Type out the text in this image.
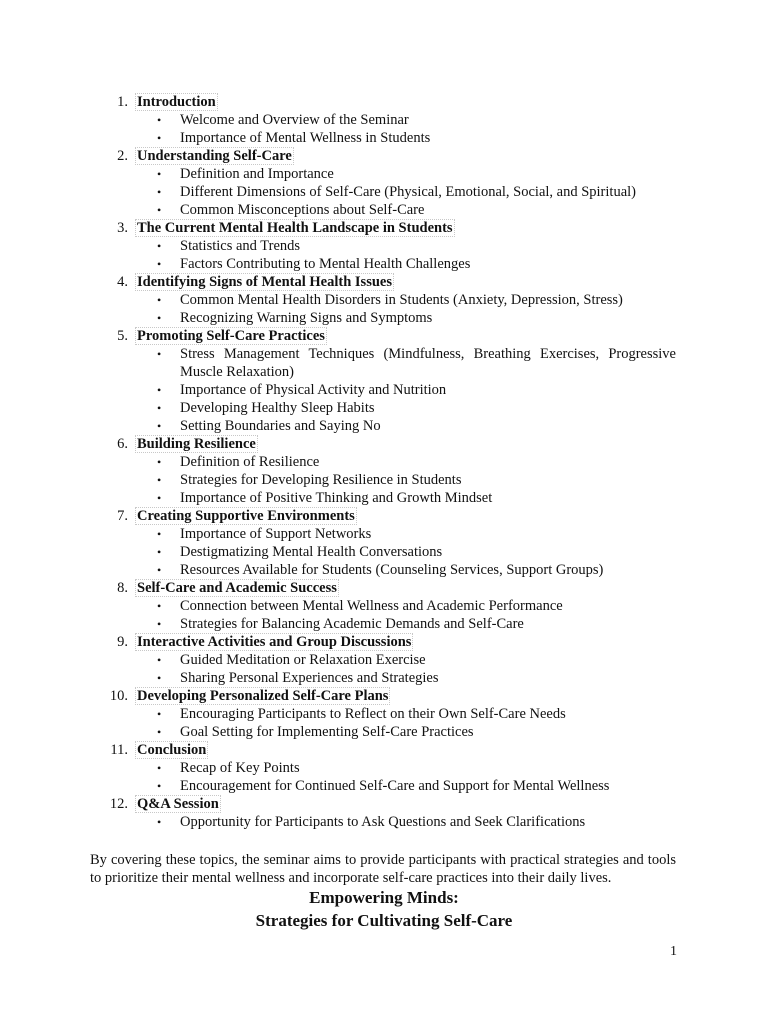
1. Introduction
• Welcome and Overview of the Seminar
• Importance of Mental Wellness in Students
2. Understanding Self-Care
• Definition and Importance
• Different Dimensions of Self-Care (Physical, Emotional, Social, and Spiritual)
• Common Misconceptions about Self-Care
3. The Current Mental Health Landscape in Students
• Statistics and Trends
• Factors Contributing to Mental Health Challenges
4. Identifying Signs of Mental Health Issues
• Common Mental Health Disorders in Students (Anxiety, Depression, Stress)
• Recognizing Warning Signs and Symptoms
5. Promoting Self-Care Practices
• Stress Management Techniques (Mindfulness, Breathing Exercises, Progressive Muscle Relaxation)
• Importance of Physical Activity and Nutrition
• Developing Healthy Sleep Habits
• Setting Boundaries and Saying No
6. Building Resilience
• Definition of Resilience
• Strategies for Developing Resilience in Students
• Importance of Positive Thinking and Growth Mindset
7. Creating Supportive Environments
• Importance of Support Networks
• Destigmatizing Mental Health Conversations
• Resources Available for Students (Counseling Services, Support Groups)
8. Self-Care and Academic Success
• Connection between Mental Wellness and Academic Performance
• Strategies for Balancing Academic Demands and Self-Care
9. Interactive Activities and Group Discussions
• Guided Meditation or Relaxation Exercise
• Sharing Personal Experiences and Strategies
10. Developing Personalized Self-Care Plans
• Encouraging Participants to Reflect on their Own Self-Care Needs
• Goal Setting for Implementing Self-Care Practices
11. Conclusion
• Recap of Key Points
• Encouragement for Continued Self-Care and Support for Mental Wellness
12. Q&A Session
• Opportunity for Participants to Ask Questions and Seek Clarifications

By covering these topics, the seminar aims to provide participants with practical strategies and tools to prioritize their mental wellness and incorporate self-care practices into their daily lives.

Empowering Minds:
Strategies for Cultivating Self-Care
1
